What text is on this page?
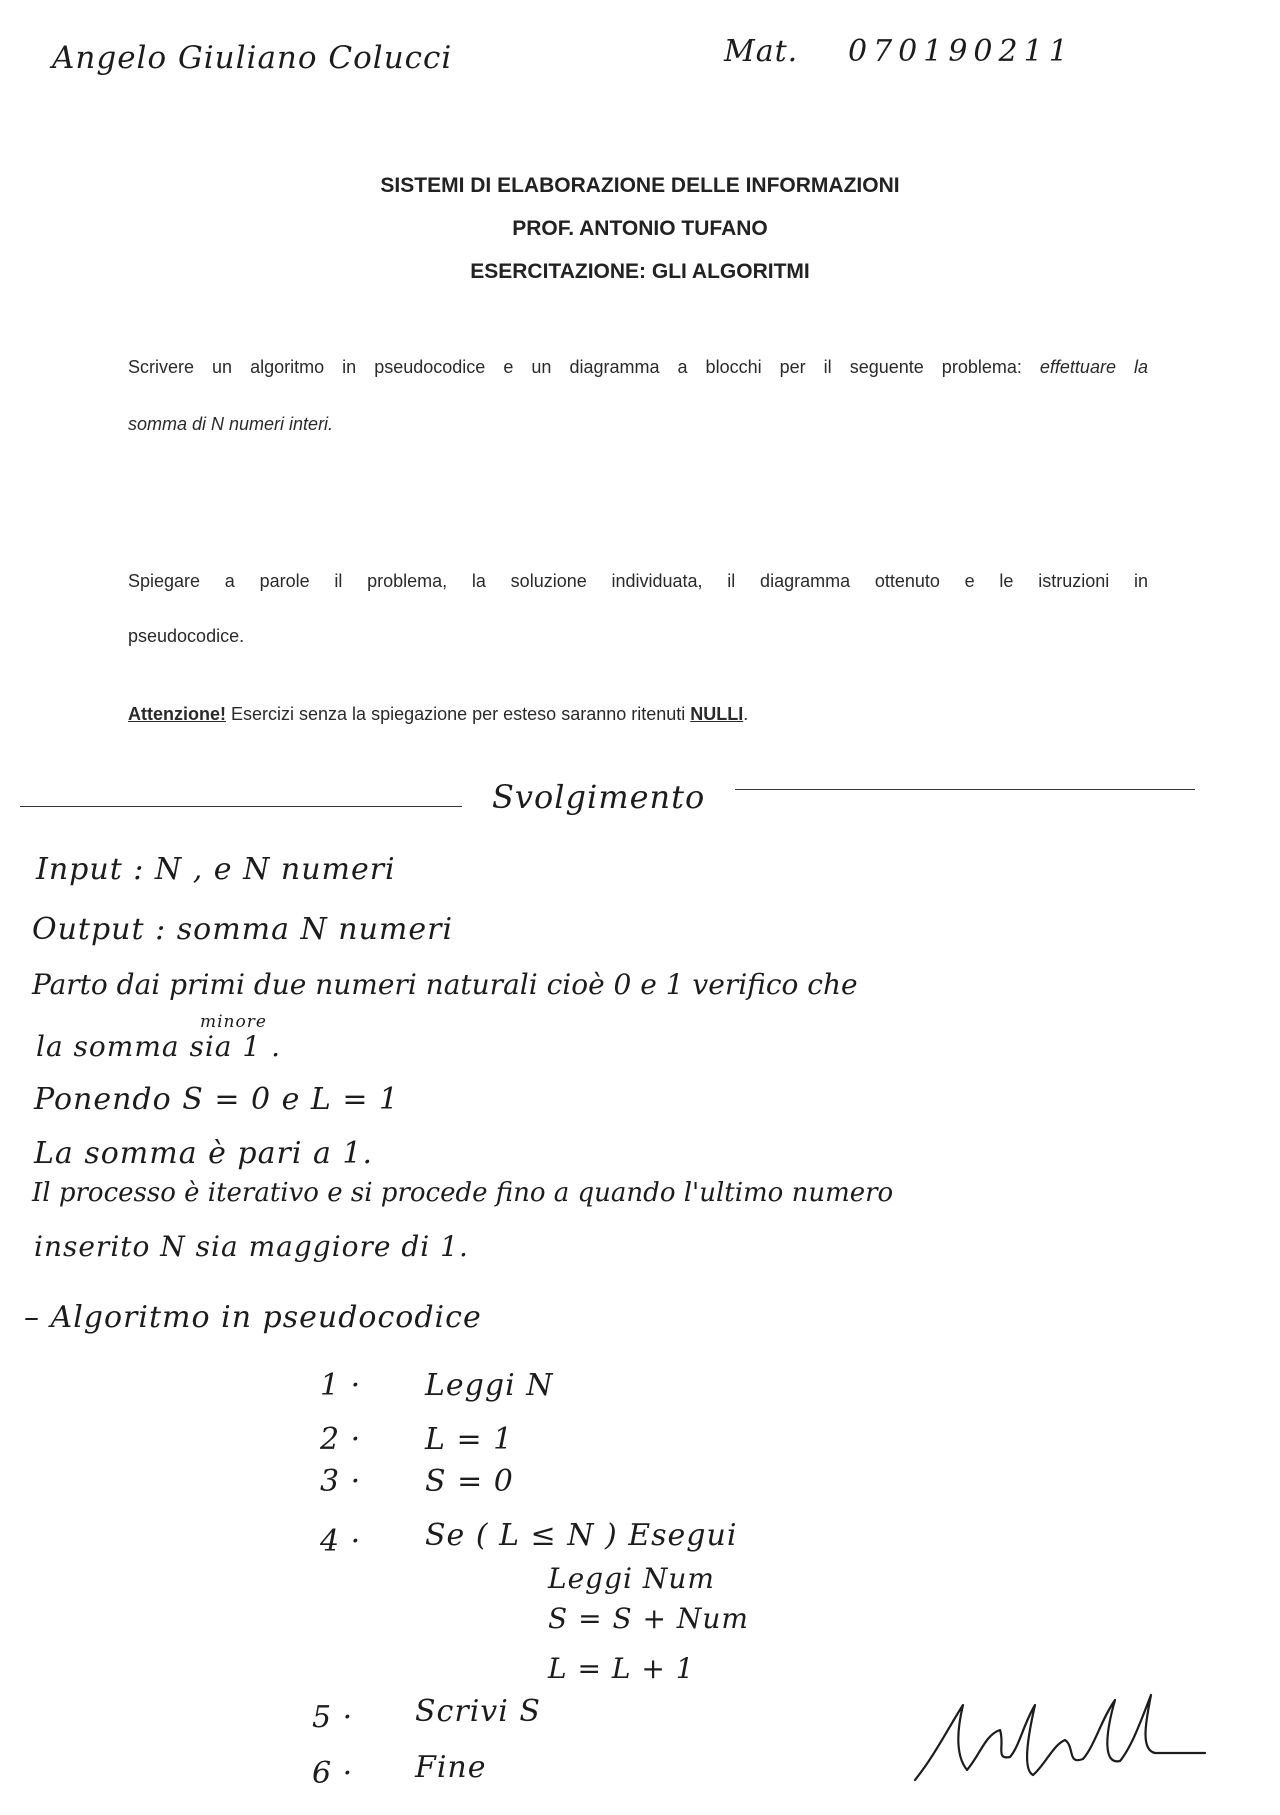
Angelo Giuliano Colucci	Mat. 070190211
SISTEMI DI ELABORAZIONE DELLE INFORMAZIONI
PROF. ANTONIO TUFANO
ESERCITAZIONE: GLI ALGORITMI
Scrivere un algoritmo in pseudocodice e un diagramma a blocchi per il seguente problema: effettuare la
somma di N numeri interi.
Spiegare a parole il problema, la soluzione individuata, il diagramma ottenuto e le istruzioni in
pseudocodice.
Attenzione! Esercizi senza la spiegazione per esteso saranno ritenuti NULLI.
Svolgimento
Input : N , e N numeri
Output : somma N numeri
Parto dai primi due numeri naturali cioè 0 e 1 verifico che
minore
la somma sia 1 .
Ponendo S = 0 e L = 1
La somma è pari a 1.
Il processo è iterativo e si procede fino a quando l'ultimo numero
inserito N sia maggiore di 1.
– Algoritmo in pseudocodice
1 · Leggi N
2 · L = 1
3 · S = 0
4 · Se ( L ≤ N ) Esegui
Leggi Num
S = S + Num
L = L + 1
5 · Scrivi S
6 · Fine
